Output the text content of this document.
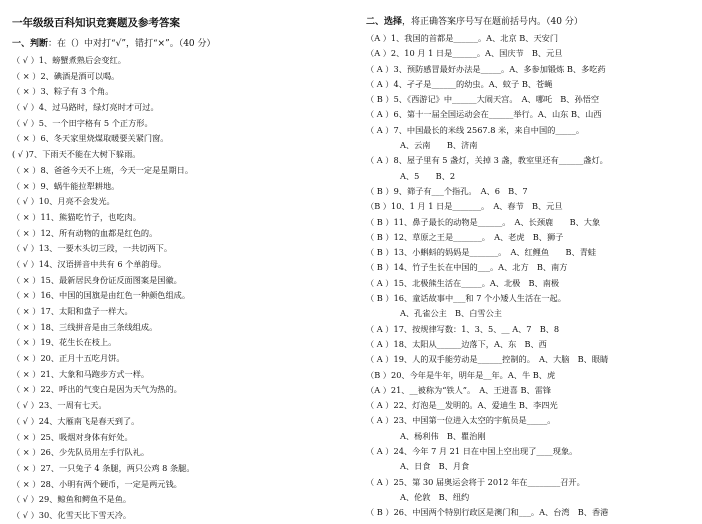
一年级级百科知识竞赛题及参考答案
一、判断：在（）中对打“√”，错打“×”。（40 分）
（ √ ）1、螃蟹煮熟后会变红。
（ × ）2、碘酒是酒可以喝。
（ × ）3、粽子有 3 个角。
（ √ ）4、过马路时，绿灯亮时才可过。
（ √ ）5、一个田字格有 5 个正方形。
（ × ）6、冬天家里烧煤取暖要关紧门窗。
( √ )7、下雨天不能在大树下躲雨。
（ × ）8、爸爸今天不上班，今天一定是星期日。
（ × ）9、蜗牛能拉犁耕地。
（ √ ）10、月亮不会发光。
（ × ）11、熊猫吃竹子，也吃肉。
（ × ）12、所有动物的血都是红色的。
（ √ ）13、一要木头切三段，一共切两下。
（ √ ）14、汉语拼音中共有 6 个单韵母。
（ × ）15、最新居民身份证反面图案是国徽。
（ × ）16、中国的国旗是由红色一种颜色组成。
（ × ）17、太阳和盘子一样大。
（ × ）18、三线拼音是由三条线组成。
（ × ）19、花生长在枝上。
（ × ）20、正月十五吃月饼。
（ × ）21、大象和马跑步方式一样。
（ × ）22、呼出的气变白是因为天气为热的。
（ √ ）23、一周有七天。
（ √ ）24、大雁南飞是春天到了。
（ × ）25、吸烟对身体有好处。
（ × ）26、少先队员用左手行队礼。
（ × ）27、一只兔子 4 条腿，两只公鸡 8 条腿。
（ × ）28、小明有两个硬币，一定是两元钱。
（ √ ）29、鲸鱼和鳄鱼不是鱼。
（ √ ）30、化雪天比下雪天冷。
二、选择，将正确答案序号写在题前括号内。（40 分）
（A ）1、我国的首都是______。A、北京 B、天安门
（A ）2、10 月 1 日是______。A、国庆节　B、元旦
（ A ）3、预防感冒最好办法是_____。A、多参加锻炼 B、多吃药
（ A ）4、孑孑是______的幼虫。A、蚊子 B、苍蝇
（ B ）5、《西游记》中______大闹天宫。　A、哪吒　B、孙悟空
（ A ）6、第十一届全国运动会在______举行。A、山东 B、山西
（ A ）7、中国最长的米线 2567.8 米，来自中国的_____。
A、云南　　B、济南
（ A ）8、屋子里有 5 盏灯，关掉 3 盏，教室里还有______盏灯。
A、5　　B、2
（ B ）9、筛子有___个指孔。　A、6　B、7
（B ）10、1 月 1 日是_______。　A、春节　B、元旦
（ B ）11、鼻子最长的动物是______。　A、长颈鹿　　B、大象
（ B ）12、草原之王是_______。　A、老虎　B、狮子
（ B ）13、小蝌蚪的妈妈是_______。　A、红鲤鱼　　B、青蛙
（ B ）14、竹子生长在中国的___。A、北方　B、南方
（ A ）15、北极熊生活在_____。A、北极　B、南极
（ B ）16、童话故事中___和 7 个小矮人生活在一起。
A、孔雀公主　B、白雪公主
（ A ）17、按规律写数：1、3、5、__ A、7　B、8
（ A ）18、太阳从______边落下，A、东　B、西
（ A ）19、人的双手能劳动是______控制的。　A、大脑　B、眼睛
（B ）20、今年是牛年，明年是__年。A、牛 B、虎
（A ）21、__被称为“铁人”。　A、王进喜 B、雷锋
（ A ）22、灯泡是__发明的。A、爱迪生 B、李四光
（ A ）23、中国第一位进入太空的宇航员是_____。
A、杨利伟　B、瞿治刚
（ A ）24、今年 7 月 21 日在中国上空出现了____现象。
A、日食　B、月食
（ A ）25、第 30 届奥运会将于 2012 年在________召开。
A、伦敦　B、纽约
（ B ）26、中国两个特别行政区是澳门和___。A、台湾　B、香港
